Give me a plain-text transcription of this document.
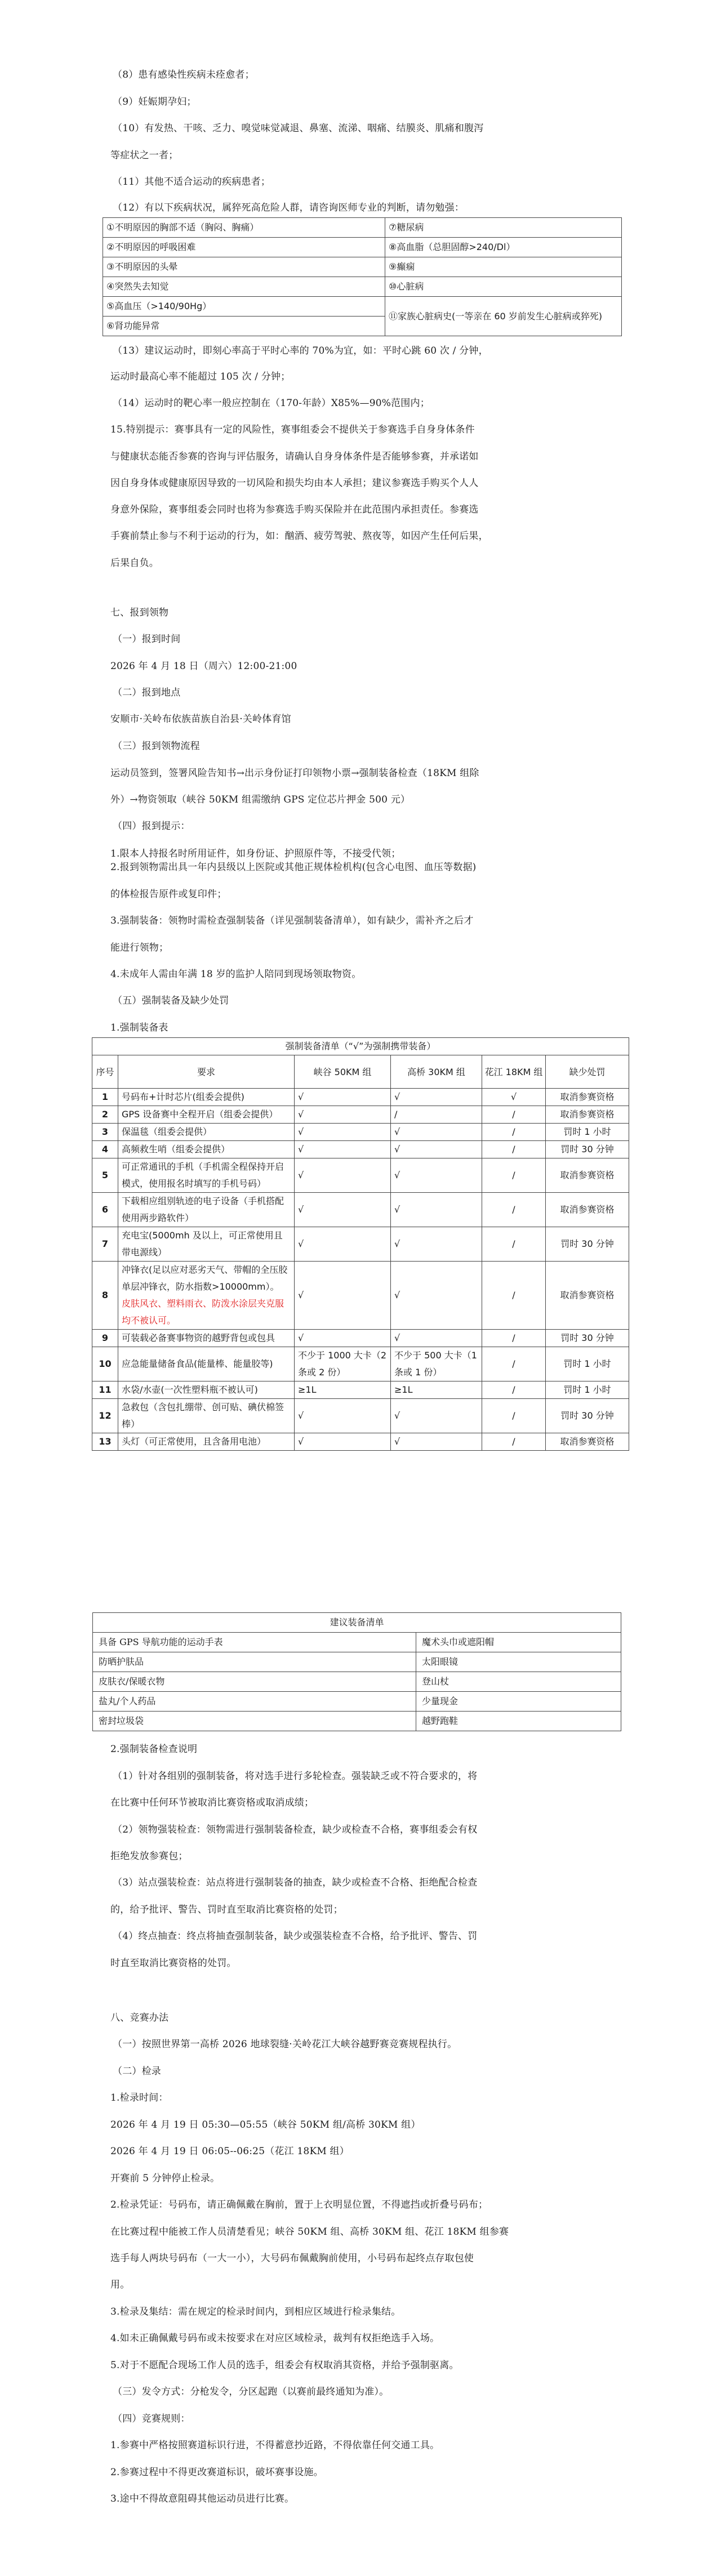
（8）患有感染性疾病未痊愈者；
（9）妊娠期孕妇；
（10）有发热、干咳、乏力、嗅觉味觉减退、鼻塞、流涕、咽痛、结膜炎、肌痛和腹泻
等症状之一者；
（11）其他不适合运动的疾病患者；
（12）有以下疾病状况，属猝死高危险人群，请咨询医师专业的判断，请勿勉强：
①不明原因的胸部不适（胸闷、胸痛）	⑦糖尿病
②不明原因的呼吸困难	⑧高血脂（总胆固醇>240/Dl）
③不明原因的头晕	⑨癫痫
④突然失去知觉	⑩心脏病
⑤高血压（>140/90Hg）	⑪家族心脏病史(一等亲在 60 岁前发生心脏病或猝死)
⑥肾功能异常	
（13）建议运动时，即刻心率高于平时心率的 70%为宜，如：平时心跳 60 次 / 分钟，
运动时最高心率不能超过 105 次 / 分钟；
（14）运动时的靶心率一般应控制在（170-年龄）X85%—90%范围内；
15.特别提示：赛事具有一定的风险性，赛事组委会不提供关于参赛选手自身身体条件
与健康状态能否参赛的咨询与评估服务，请确认自身身体条件是否能够参赛，并承诺如
因自身身体或健康原因导致的一切风险和损失均由本人承担；建议参赛选手购买个人人
身意外保险，赛事组委会同时也将为参赛选手购买保险并在此范围内承担责任。参赛选
手赛前禁止参与不利于运动的行为，如：酗酒、疲劳驾驶、熬夜等，如因产生任何后果，
后果自负。
七、报到领物
（一）报到时间
2026 年 4 月 18 日（周六）12:00-21:00
（二）报到地点
安顺市·关岭布依族苗族自治县·关岭体育馆
（三）报到领物流程
运动员签到，签署风险告知书→出示身份证打印领物小票→强制装备检查（18KM 组除
外）→物资领取（峡谷 50KM 组需缴纳 GPS 定位芯片押金 500 元）
（四）报到提示：
1.限本人持报名时所用证件，如身份证、护照原件等，不接受代领；
2.报到领物需出具一年内县级以上医院或其他正规体检机构(包含心电图、血压等数据)
的体检报告原件或复印件；
3.强制装备：领物时需检查强制装备（详见强制装备清单），如有缺少，需补齐之后才
能进行领物；
4.未成年人需由年满 18 岁的监护人陪同到现场领取物资。
（五）强制装备及缺少处罚
1.强制装备表
强制装备清单（“√”为强制携带装备）					
序号	要求	峡谷 50KM 组	高桥 30KM 组	花江 18KM 组	缺少处罚
1	号码布+计时芯片(组委会提供)	√	√	√	取消参赛资格
2	GPS 设备赛中全程开启（组委会提供）	√	/	/	取消参赛资格
3	保温毯（组委会提供）	√	√	/	罚时 1 小时
4	高频救生哨（组委会提供）	√	√	/	罚时 30 分钟
5	可正常通讯的手机（手机需全程保持开启模式，使用报名时填写的手机号码）	√	√	/	取消参赛资格
6	下载相应组别轨迹的电子设备（手机搭配使用两步路软件）	√	√	/	取消参赛资格
7	充电宝(5000mh 及以上，可正常使用且带电源线）	√	√	/	罚时 30 分钟
8	冲锋衣(足以应对恶劣天气、带帽的全压胶单层冲锋衣，防水指数>10000mm）。
皮肤风衣、塑料雨衣、防泼水涂层夹克服均不被认可。	√	√	/	取消参赛资格
9	可装载必备赛事物资的越野背包或包具	√	√	/	罚时 30 分钟
10	应急能量储备食品(能量棒、能量胶等)	不少于 1000 大卡（2 条或 2 份）	不少于 500 大卡（1 条或 1 份）	/	罚时 1 小时
11	水袋/水壶(一次性塑料瓶不被认可)	≥1L	≥1L	/	罚时 1 小时
12	急救包（含包扎绷带、创可贴、碘伏棉签棒）	√	√	/	罚时 30 分钟
13	头灯（可正常使用，且含备用电池）	√	√	/	取消参赛资格
建议装备清单	
具备 GPS 导航功能的运动手表	魔术头巾或遮阳帽
防晒护肤品	太阳眼镜
皮肤衣/保暖衣物	登山杖
盐丸/个人药品	少量现金
密封垃圾袋	越野跑鞋
2.强制装备检查说明
（1）针对各组别的强制装备，将对选手进行多轮检查。强装缺乏或不符合要求的，将
在比赛中任何环节被取消比赛资格或取消成绩；
（2）领物强装检查：领物需进行强制装备检查，缺少或检查不合格，赛事组委会有权
拒绝发放参赛包；
（3）站点强装检查：站点将进行强制装备的抽查，缺少或检查不合格、拒绝配合检查
的，给予批评、警告、罚时直至取消比赛资格的处罚；
（4）终点抽查：终点将抽查强制装备，缺少或强装检查不合格，给予批评、警告、罚
时直至取消比赛资格的处罚。
八、竞赛办法
（一）按照世界第一高桥 2026 地球裂缝·关岭花江大峡谷越野赛竞赛规程执行。
（二）检录
1.检录时间：
2026 年 4 月 19 日 05:30—05:55（峡谷 50KM 组/高桥 30KM 组）
2026 年 4 月 19 日 06:05--06:25（花江 18KM 组）
开赛前 5 分钟停止检录。
2.检录凭证：号码布，请正确佩戴在胸前，置于上衣明显位置，不得遮挡或折叠号码布；
在比赛过程中能被工作人员清楚看见；峡谷 50KM 组、高桥 30KM 组、花江 18KM 组参赛
选手每人两块号码布（一大一小），大号码布佩戴胸前使用，小号码布起终点存取包使
用。
3.检录及集结：需在规定的检录时间内，到相应区域进行检录集结。
4.如未正确佩戴号码布或未按要求在对应区域检录，裁判有权拒绝选手入场。
5.对于不愿配合现场工作人员的选手，组委会有权取消其资格，并给予强制驱离。
（三）发令方式：分枪发令，分区起跑（以赛前最终通知为准）。
（四）竞赛规则：
1.参赛中严格按照赛道标识行进，不得蓄意抄近路，不得依靠任何交通工具。
2.参赛过程中不得更改赛道标识，破坏赛事设施。
3.途中不得故意阻碍其他运动员进行比赛。
